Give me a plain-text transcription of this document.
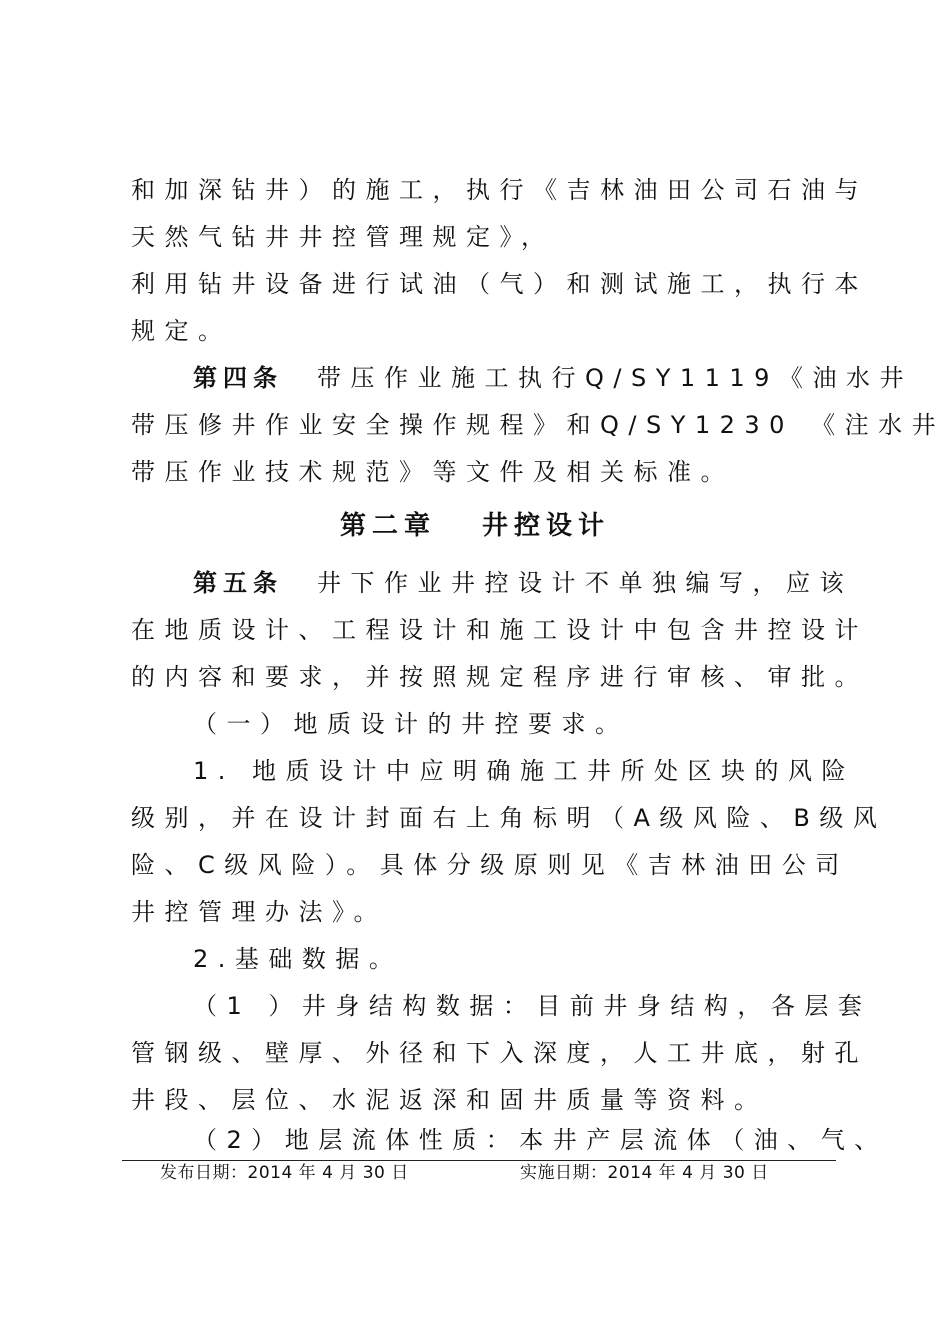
和加深钻井）的施工，执行《吉林油田公司石油与
天然气钻井井控管理规定》，
利用钻井设备进行试油（气）和测试施工，执行本
规定。
第四条 带压作业施工执行Q/SY1119《油水井
带压修井作业安全操作规程》和Q/SY1230 《注水井
带压作业技术规范》等文件及相关标准。
第二章 井控设计
第五条 井下作业井控设计不单独编写，应该
在地质设计、工程设计和施工设计中包含井控设计
的内容和要求，并按照规定程序进行审核、审批。
（一）地质设计的井控要求。
1. 地质设计中应明确施工井所处区块的风险
级别，并在设计封面右上角标明（A级风险、B级风
险、C级风险）。具体分级原则见《吉林油田公司
井控管理办法》。
2.基础数据。
（1 ）井身结构数据：目前井身结构，各层套
管钢级、壁厚、外径和下入深度，人工井底，射孔
井段、层位、水泥返深和固井质量等资料。
（2）地层流体性质：本井产层流体（油、气、
发布日期：2014 年 4 月 30 日	实施日期：2014 年 4 月 30 日
